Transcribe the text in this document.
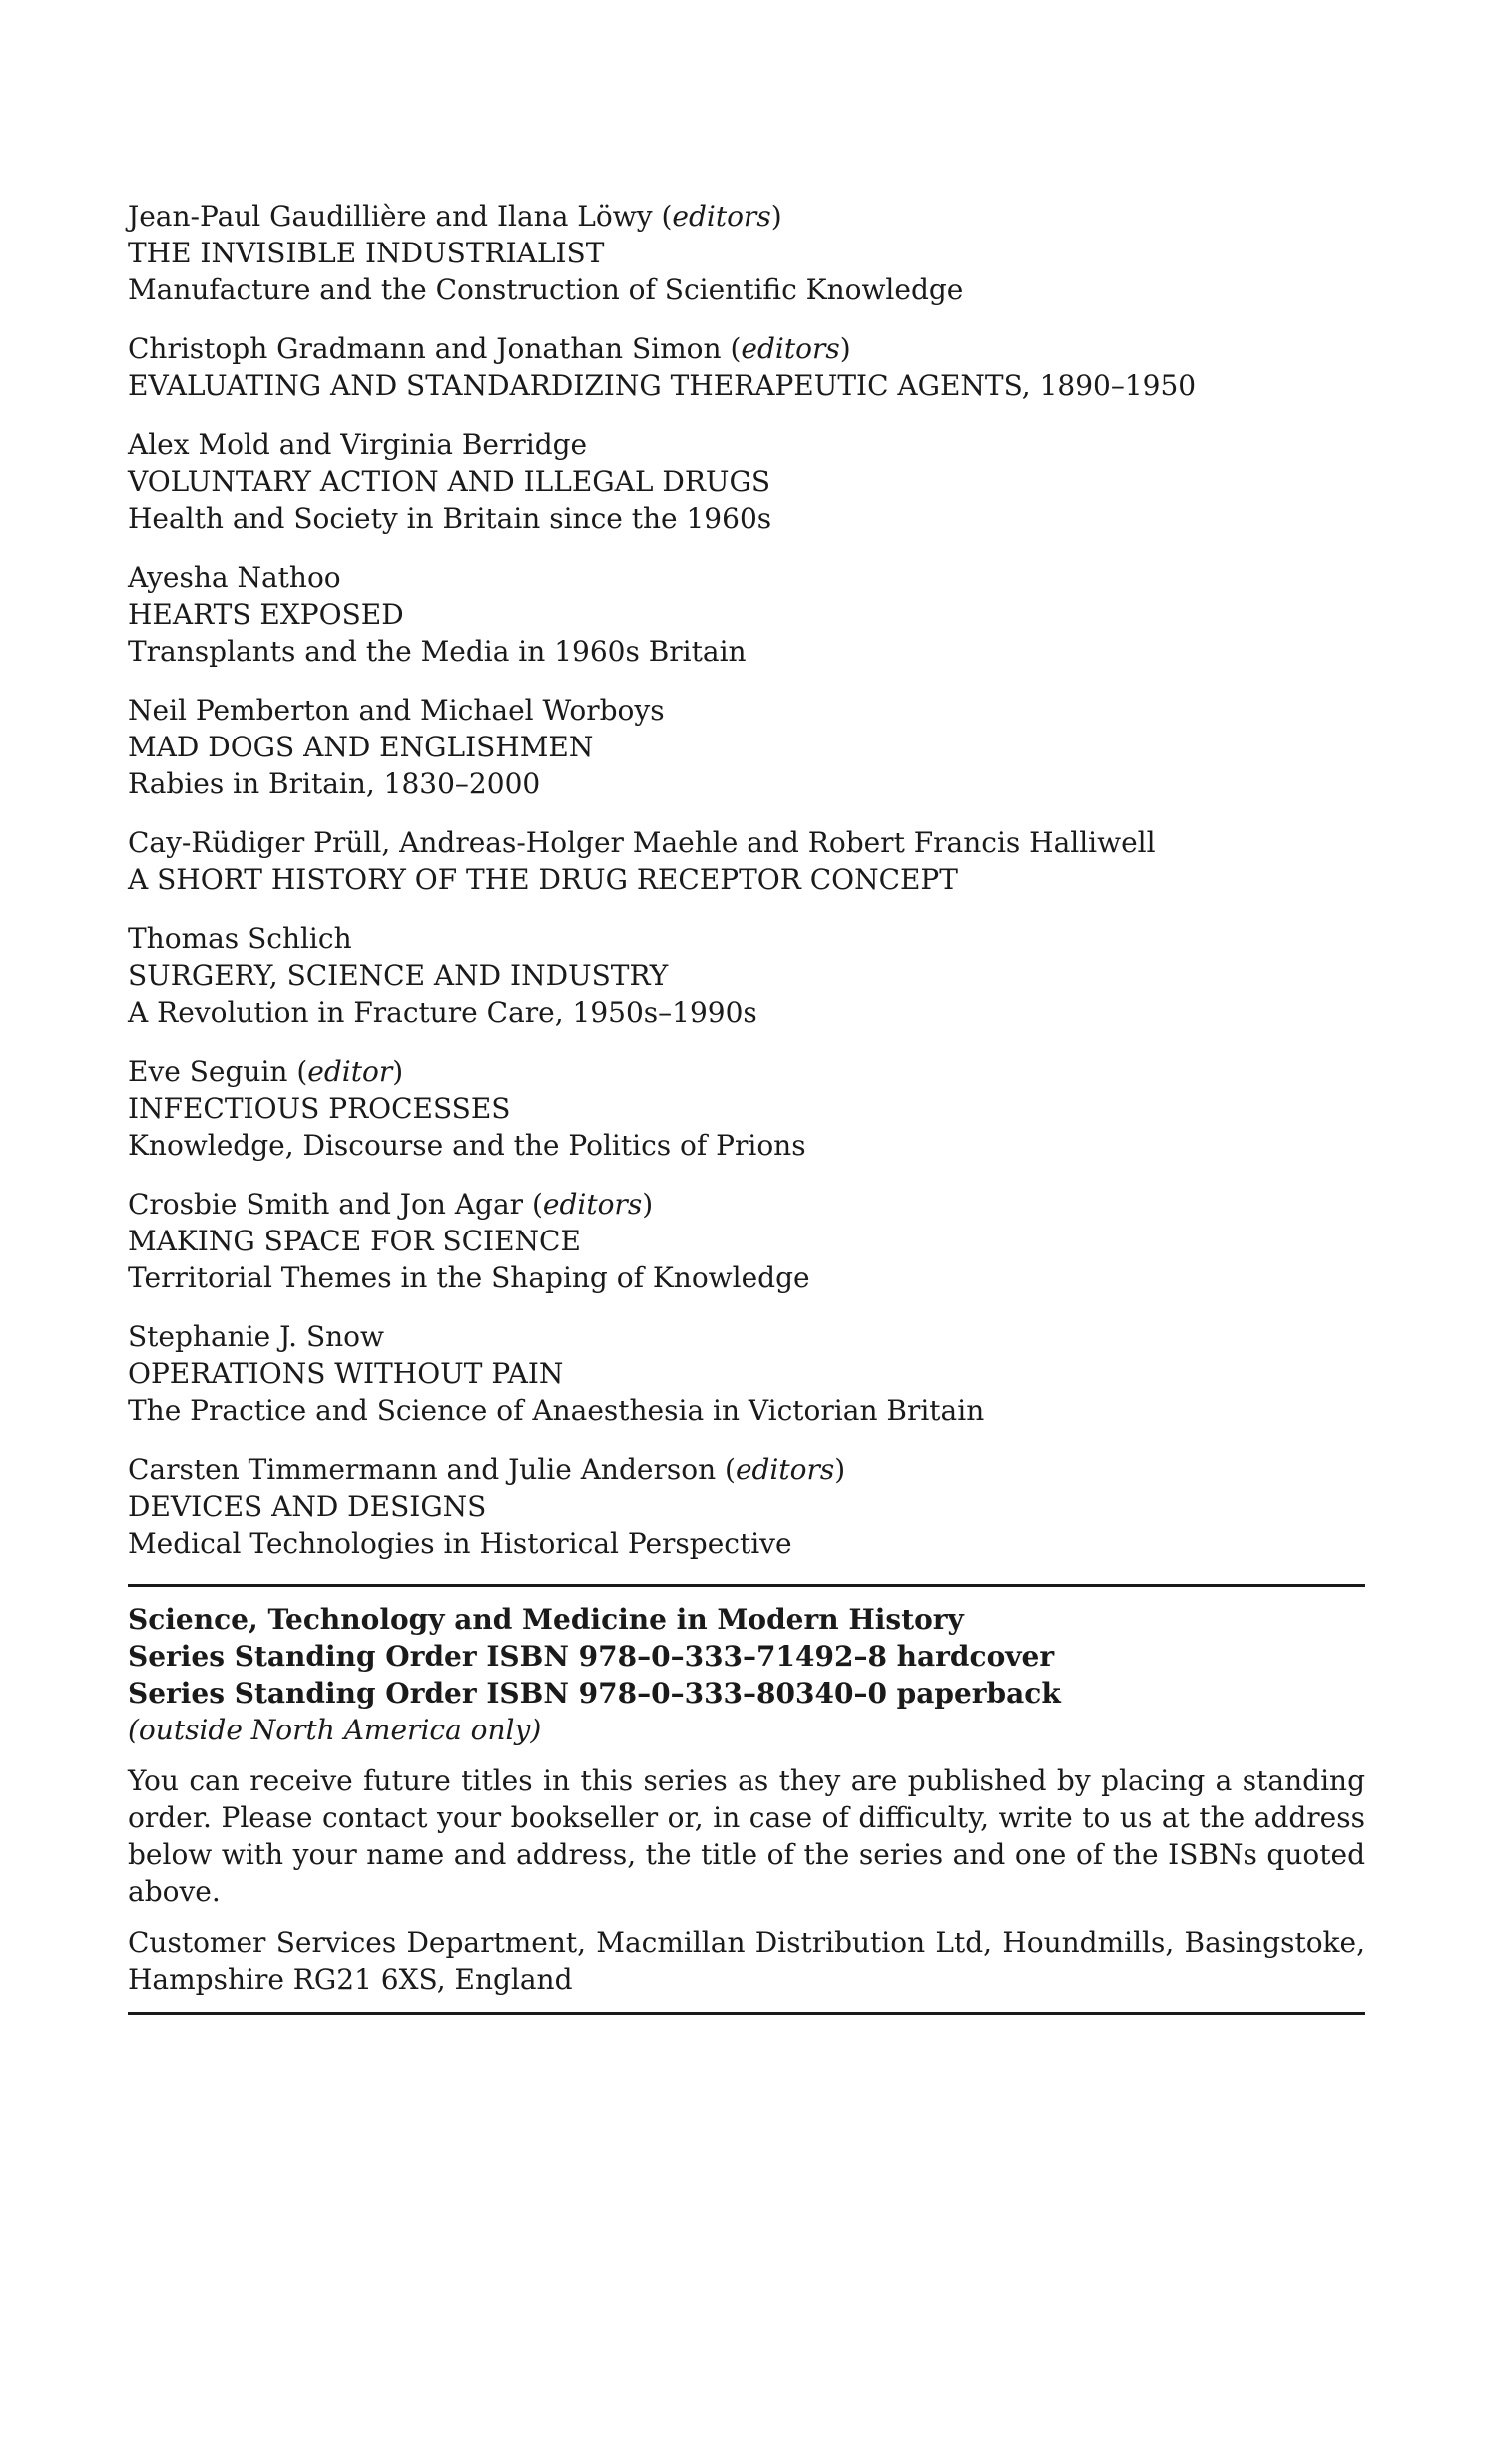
Jean-Paul Gaudillière and Ilana Löwy (editors)
THE INVISIBLE INDUSTRIALIST
Manufacture and the Construction of Scientific Knowledge
Christoph Gradmann and Jonathan Simon (editors)
EVALUATING AND STANDARDIZING THERAPEUTIC AGENTS, 1890–1950
Alex Mold and Virginia Berridge
VOLUNTARY ACTION AND ILLEGAL DRUGS
Health and Society in Britain since the 1960s
Ayesha Nathoo
HEARTS EXPOSED
Transplants and the Media in 1960s Britain
Neil Pemberton and Michael Worboys
MAD DOGS AND ENGLISHMEN
Rabies in Britain, 1830–2000
Cay-Rüdiger Prüll, Andreas-Holger Maehle and Robert Francis Halliwell
A SHORT HISTORY OF THE DRUG RECEPTOR CONCEPT
Thomas Schlich
SURGERY, SCIENCE AND INDUSTRY
A Revolution in Fracture Care, 1950s–1990s
Eve Seguin (editor)
INFECTIOUS PROCESSES
Knowledge, Discourse and the Politics of Prions
Crosbie Smith and Jon Agar (editors)
MAKING SPACE FOR SCIENCE
Territorial Themes in the Shaping of Knowledge
Stephanie J. Snow
OPERATIONS WITHOUT PAIN
The Practice and Science of Anaesthesia in Victorian Britain
Carsten Timmermann and Julie Anderson (editors)
DEVICES AND DESIGNS
Medical Technologies in Historical Perspective
Science, Technology and Medicine in Modern History
Series Standing Order ISBN 978–0–333–71492–8 hardcover
Series Standing Order ISBN 978–0–333–80340–0 paperback
(outside North America only)
You can receive future titles in this series as they are published by placing a standing order. Please contact your bookseller or, in case of difficulty, write to us at the address below with your name and address, the title of the series and one of the ISBNs quoted above.
Customer Services Department, Macmillan Distribution Ltd, Houndmills, Basingstoke, Hampshire RG21 6XS, England
